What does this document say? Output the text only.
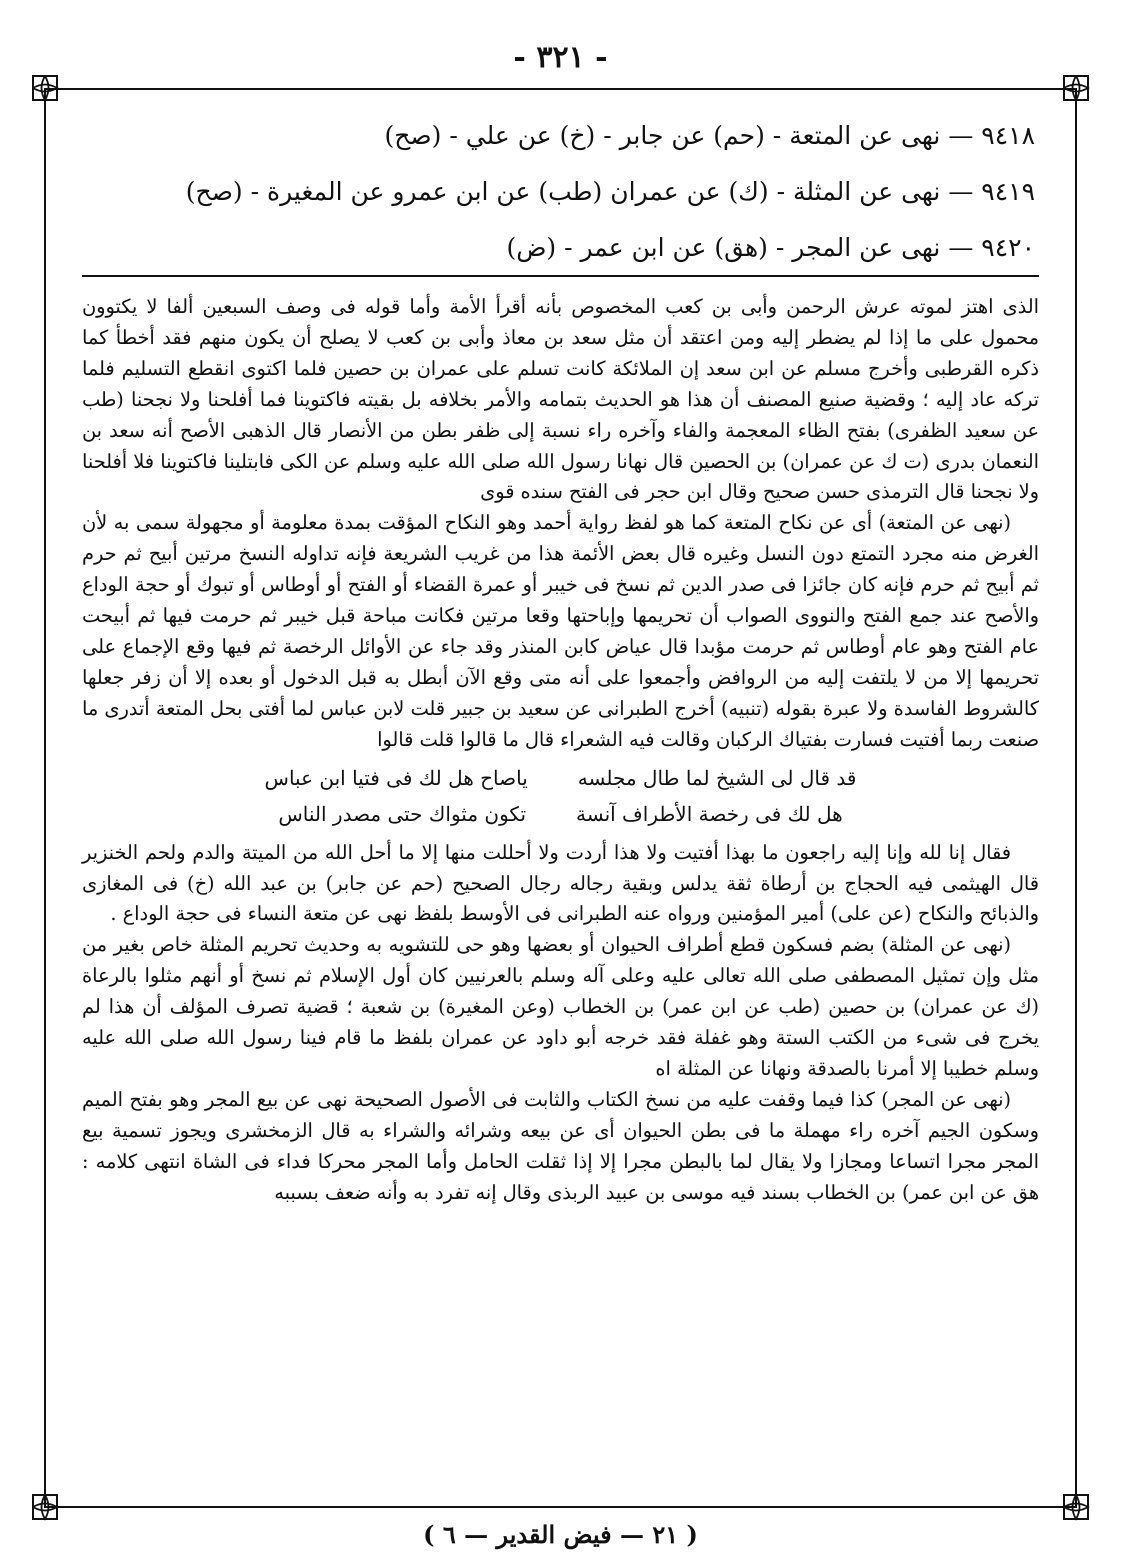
- ٣٢١ -
٩٤١٨ — نهى عن المتعة - (حم) عن جابر - (خ) عن علي - (صح)
٩٤١٩ — نهى عن المثلة - (ك) عن عمران (طب) عن ابن عمرو عن المغيرة - (صح)
٩٤٢٠ — نهى عن المجر - (هق) عن ابن عمر - (ض)

الذى اهتز لموته عرش الرحمن وأبى بن كعب المخصوص بأنه أقرأ الأمة وأما قوله فى وصف السبعين ألفا لا يكتوون محمول على ما إذا لم يضطر إليه ومن اعتقد أن مثل سعد بن معاذ وأبى بن كعب لا يصلح أن يكون منهم فقد أخطأ كما ذكره القرطبى وأخرج مسلم عن ابن سعد إن الملائكة كانت تسلم على عمران بن حصين فلما اكتوى انقطع التسليم فلما تركه عاد إليه ؛ وقضية صنيع المصنف أن هذا هو الحديث بتمامه والأمر بخلافه بل بقيته فاكتوينا فما أفلحنا ولا نجحنا (طب عن سعيد الظفرى) بفتح الظاء المعجمة والفاء وآخره راء نسبة إلى ظفر بطن من الأنصار قال الذهبى الأصح أنه سعد بن النعمان بدرى (ت ك عن عمران) بن الحصين قال نهانا رسول الله صلى الله عليه وسلم عن الكى فابتلينا فاكتوينا فلا أفلحنا ولا نجحنا قال الترمذى حسن صحيح وقال ابن حجر فى الفتح سنده قوى

(نهى عن المتعة) أى عن نكاح المتعة كما هو لفظ رواية أحمد وهو النكاح المؤقت بمدة معلومة أو مجهولة سمى به لأن الغرض منه مجرد التمتع دون النسل وغيره قال بعض الأئمة هذا من غريب الشريعة فإنه تداوله النسخ مرتين أبيح ثم حرم ثم أبيح ثم حرم فإنه كان جائزا فى صدر الدين ثم نسخ فى خيبر أو عمرة القضاء أو الفتح أو أوطاس أو تبوك أو حجة الوداع والأصح عند جمع الفتح والنووى الصواب أن تحريمها وإباحتها وقعا مرتين فكانت مباحة قبل خيبر ثم حرمت فيها ثم أبيحت عام الفتح وهو عام أوطاس ثم حرمت مؤبدا قال عياض كابن المنذر وقد جاء عن الأوائل الرخصة ثم فيها وقع الإجماع على تحريمها إلا من لا يلتفت إليه من الروافض وأجمعوا على أنه متى وقع الآن أبطل به قبل الدخول أو بعده إلا أن زفر جعلها كالشروط الفاسدة ولا عبرة بقوله (تنبيه) أخرج الطبرانى عن سعيد بن جبير قلت لابن عباس لما أفتى بحل المتعة أتدرى ما صنعت ربما أفتيت فسارت بفتياك الركبان وقالت فيه الشعراء قال ما قالوا قلت قالوا

قد قال لى الشيخ لما طال مجلسه
ياصاح هل لك فى فتيا ابن عباس
هل لك فى رخصة الأطراف آنسة
تكون مثواك حتى مصدر الناس

فقال إنا لله وإنا إليه راجعون ما بهذا أفتيت ولا هذا أردت ولا أحللت منها إلا ما أحل الله من الميتة والدم ولحم الخنزير قال الهيثمى فيه الحجاج بن أرطاة ثقة يدلس وبقية رجاله رجال الصحيح (حم عن جابر) بن عبد الله (خ) فى المغازى والذبائح والنكاح (عن على) أمير المؤمنين ورواه عنه الطبرانى فى الأوسط بلفظ نهى عن متعة النساء فى حجة الوداع .

(نهى عن المثلة) بضم فسكون قطع أطراف الحيوان أو بعضها وهو حى للتشويه به وحديث تحريم المثلة خاص بغير من مثل وإن تمثيل المصطفى صلى الله تعالى عليه وعلى آله وسلم بالعرنيين كان أول الإسلام ثم نسخ أو أنهم مثلوا بالرعاة (ك عن عمران) بن حصين (طب عن ابن عمر) بن الخطاب (وعن المغيرة) بن شعبة ؛ قضية تصرف المؤلف أن هذا لم يخرج فى شىء من الكتب الستة وهو غفلة فقد خرجه أبو داود عن عمران بلفظ ما قام فينا رسول الله صلى الله عليه وسلم خطيبا إلا أمرنا بالصدقة ونهانا عن المثلة اه

(نهى عن المجر) كذا فيما وقفت عليه من نسخ الكتاب والثابت فى الأصول الصحيحة نهى عن بيع المجر وهو بفتح الميم وسكون الجيم آخره راء مهملة ما فى بطن الحيوان أى عن بيعه وشرائه والشراء به قال الزمخشرى ويجوز تسمية بيع المجر مجرا اتساعا ومجازا ولا يقال لما بالبطن مجرا إلا إذا ثقلت الحامل وأما المجر محركا فداء فى الشاة انتهى كلامه : هق عن ابن عمر) بن الخطاب بسند فيه موسى بن عبيد الربذى وقال إنه تفرد به وأنه ضعف بسببه

( ٢١ — فيض القدير — ٦ )
